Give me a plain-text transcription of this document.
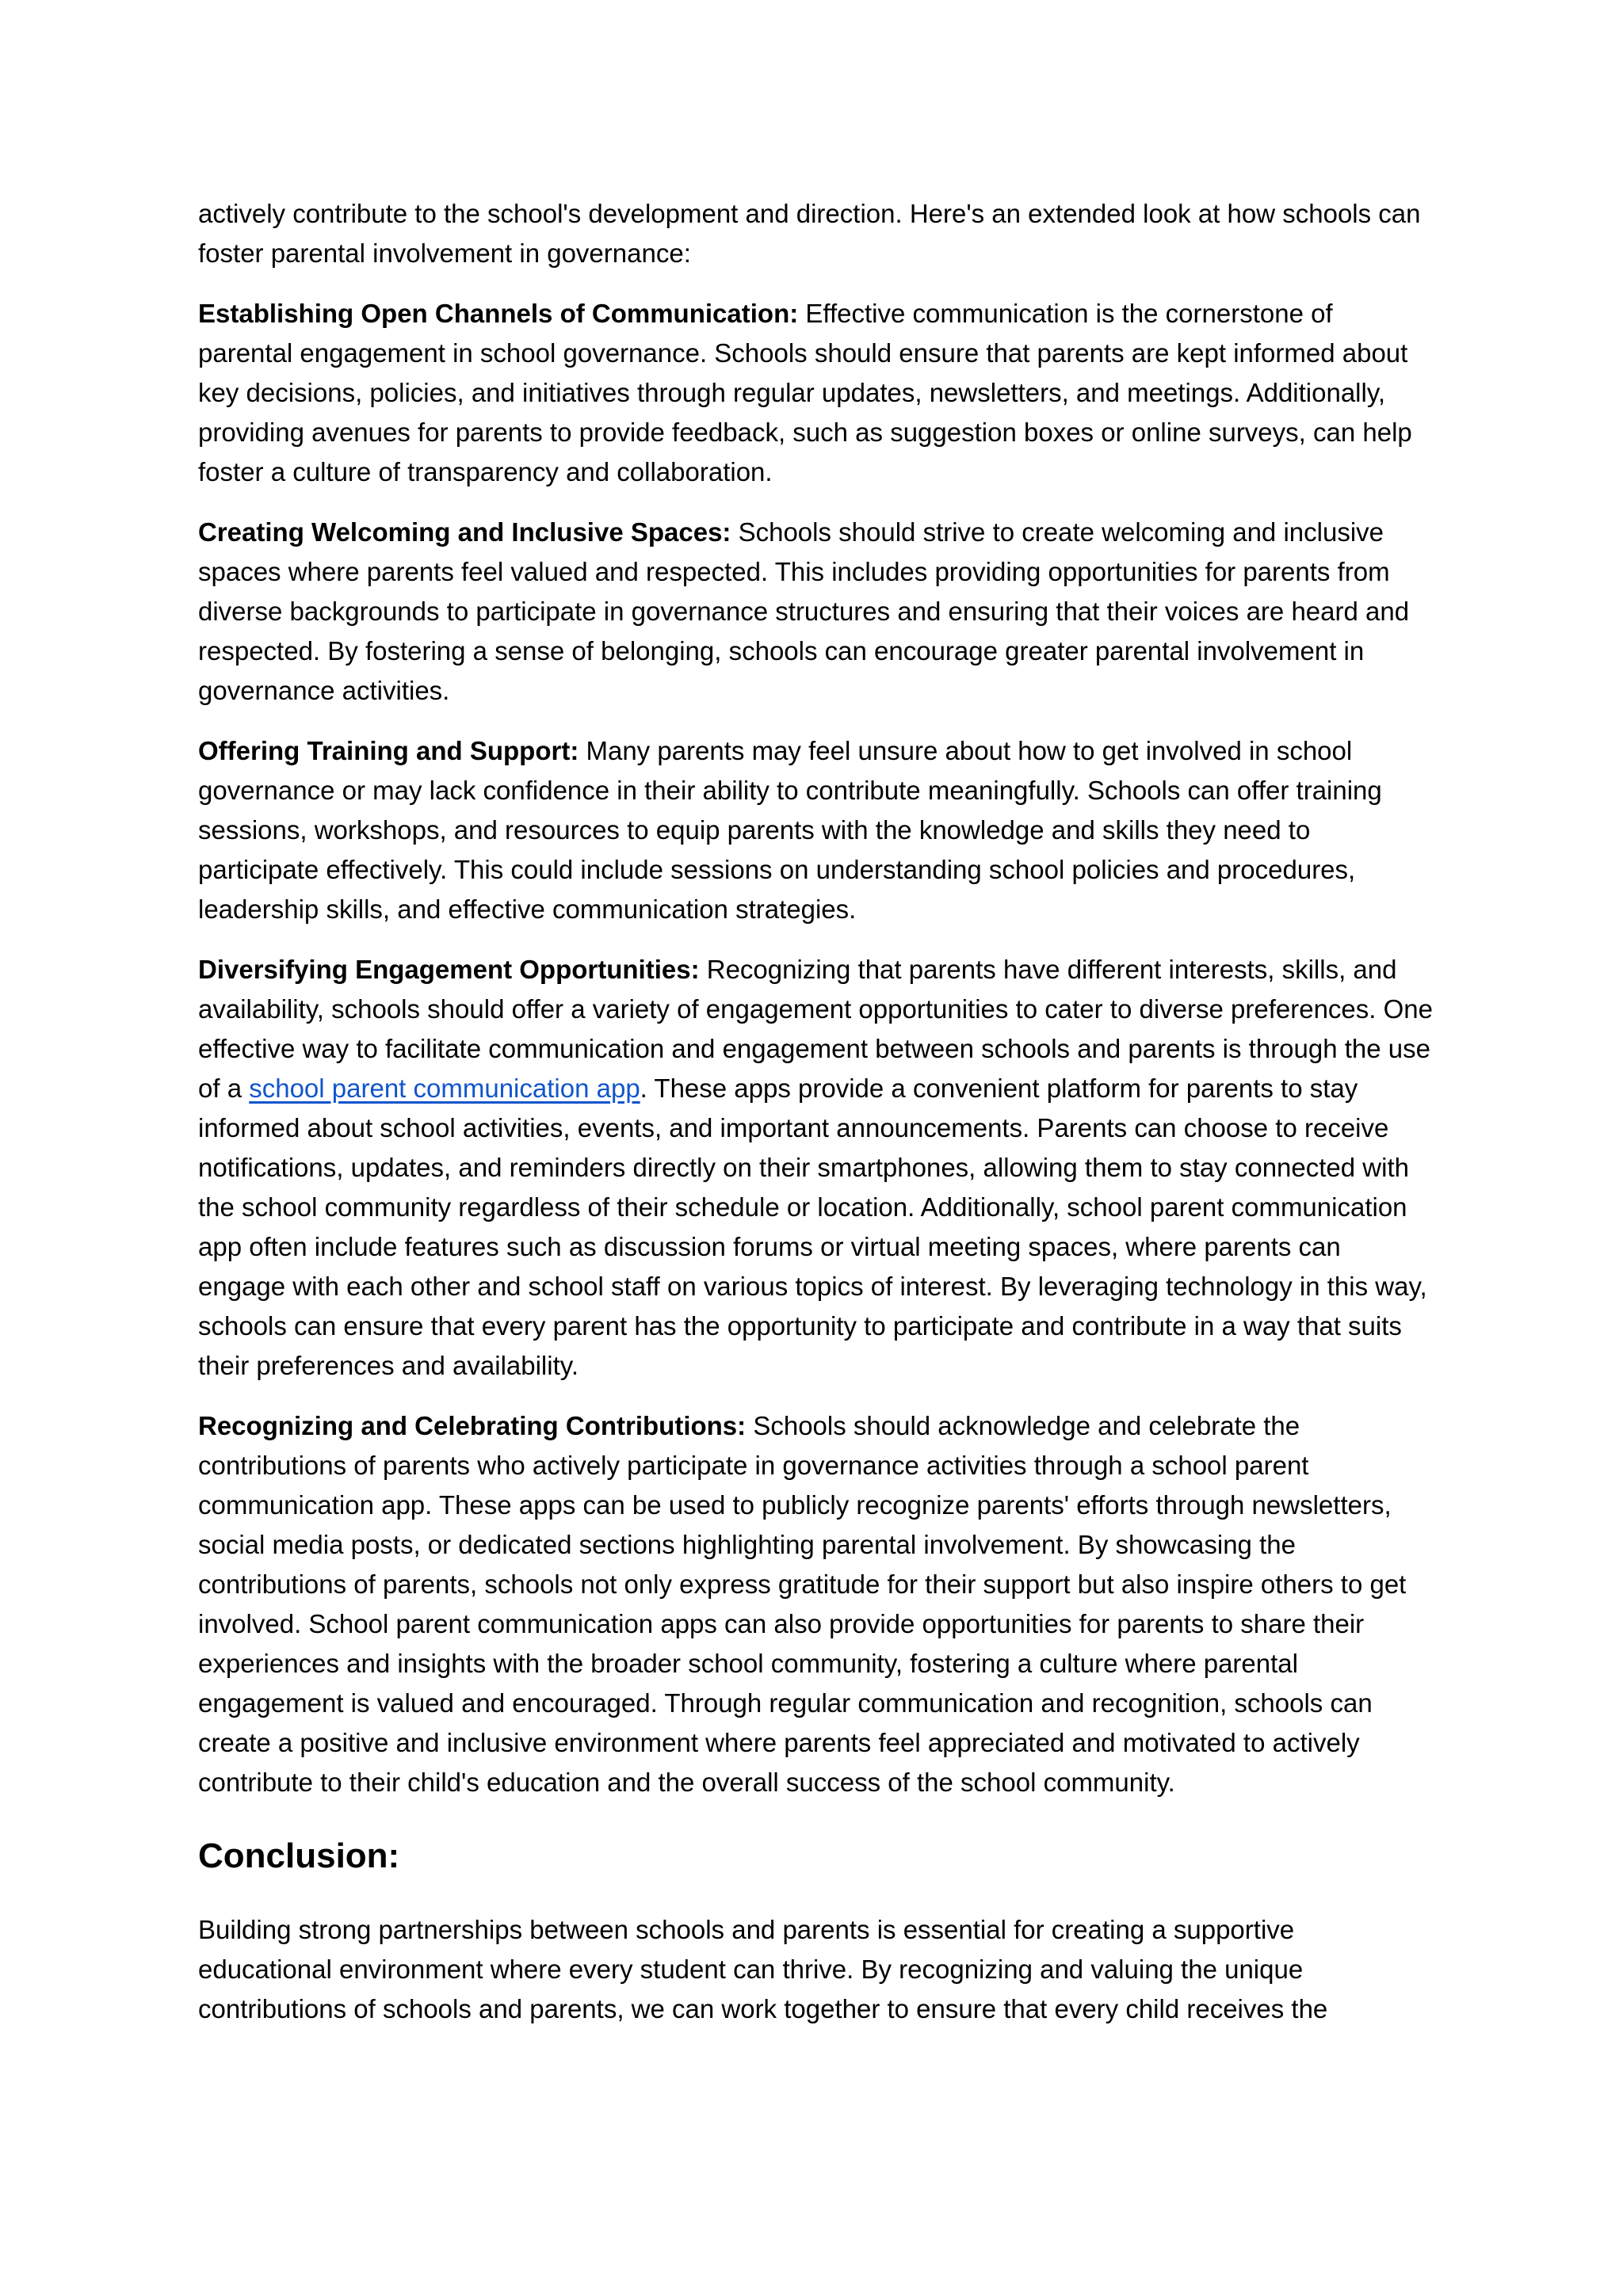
actively contribute to the school's development and direction. Here's an extended look at how schools can foster parental involvement in governance:

Establishing Open Channels of Communication: Effective communication is the cornerstone of parental engagement in school governance. Schools should ensure that parents are kept informed about key decisions, policies, and initiatives through regular updates, newsletters, and meetings. Additionally, providing avenues for parents to provide feedback, such as suggestion boxes or online surveys, can help foster a culture of transparency and collaboration.

Creating Welcoming and Inclusive Spaces: Schools should strive to create welcoming and inclusive spaces where parents feel valued and respected. This includes providing opportunities for parents from diverse backgrounds to participate in governance structures and ensuring that their voices are heard and respected. By fostering a sense of belonging, schools can encourage greater parental involvement in governance activities.

Offering Training and Support: Many parents may feel unsure about how to get involved in school governance or may lack confidence in their ability to contribute meaningfully. Schools can offer training sessions, workshops, and resources to equip parents with the knowledge and skills they need to participate effectively. This could include sessions on understanding school policies and procedures, leadership skills, and effective communication strategies.

Diversifying Engagement Opportunities: Recognizing that parents have different interests, skills, and availability, schools should offer a variety of engagement opportunities to cater to diverse preferences. One effective way to facilitate communication and engagement between schools and parents is through the use of a school parent communication app. These apps provide a convenient platform for parents to stay informed about school activities, events, and important announcements. Parents can choose to receive notifications, updates, and reminders directly on their smartphones, allowing them to stay connected with the school community regardless of their schedule or location. Additionally, school parent communication app often include features such as discussion forums or virtual meeting spaces, where parents can engage with each other and school staff on various topics of interest. By leveraging technology in this way, schools can ensure that every parent has the opportunity to participate and contribute in a way that suits their preferences and availability.

Recognizing and Celebrating Contributions: Schools should acknowledge and celebrate the contributions of parents who actively participate in governance activities through a school parent communication app. These apps can be used to publicly recognize parents' efforts through newsletters, social media posts, or dedicated sections highlighting parental involvement. By showcasing the contributions of parents, schools not only express gratitude for their support but also inspire others to get involved. School parent communication apps can also provide opportunities for parents to share their experiences and insights with the broader school community, fostering a culture where parental engagement is valued and encouraged. Through regular communication and recognition, schools can create a positive and inclusive environment where parents feel appreciated and motivated to actively contribute to their child's education and the overall success of the school community.

Conclusion:

Building strong partnerships between schools and parents is essential for creating a supportive educational environment where every student can thrive. By recognizing and valuing the unique contributions of schools and parents, we can work together to ensure that every child receives the
